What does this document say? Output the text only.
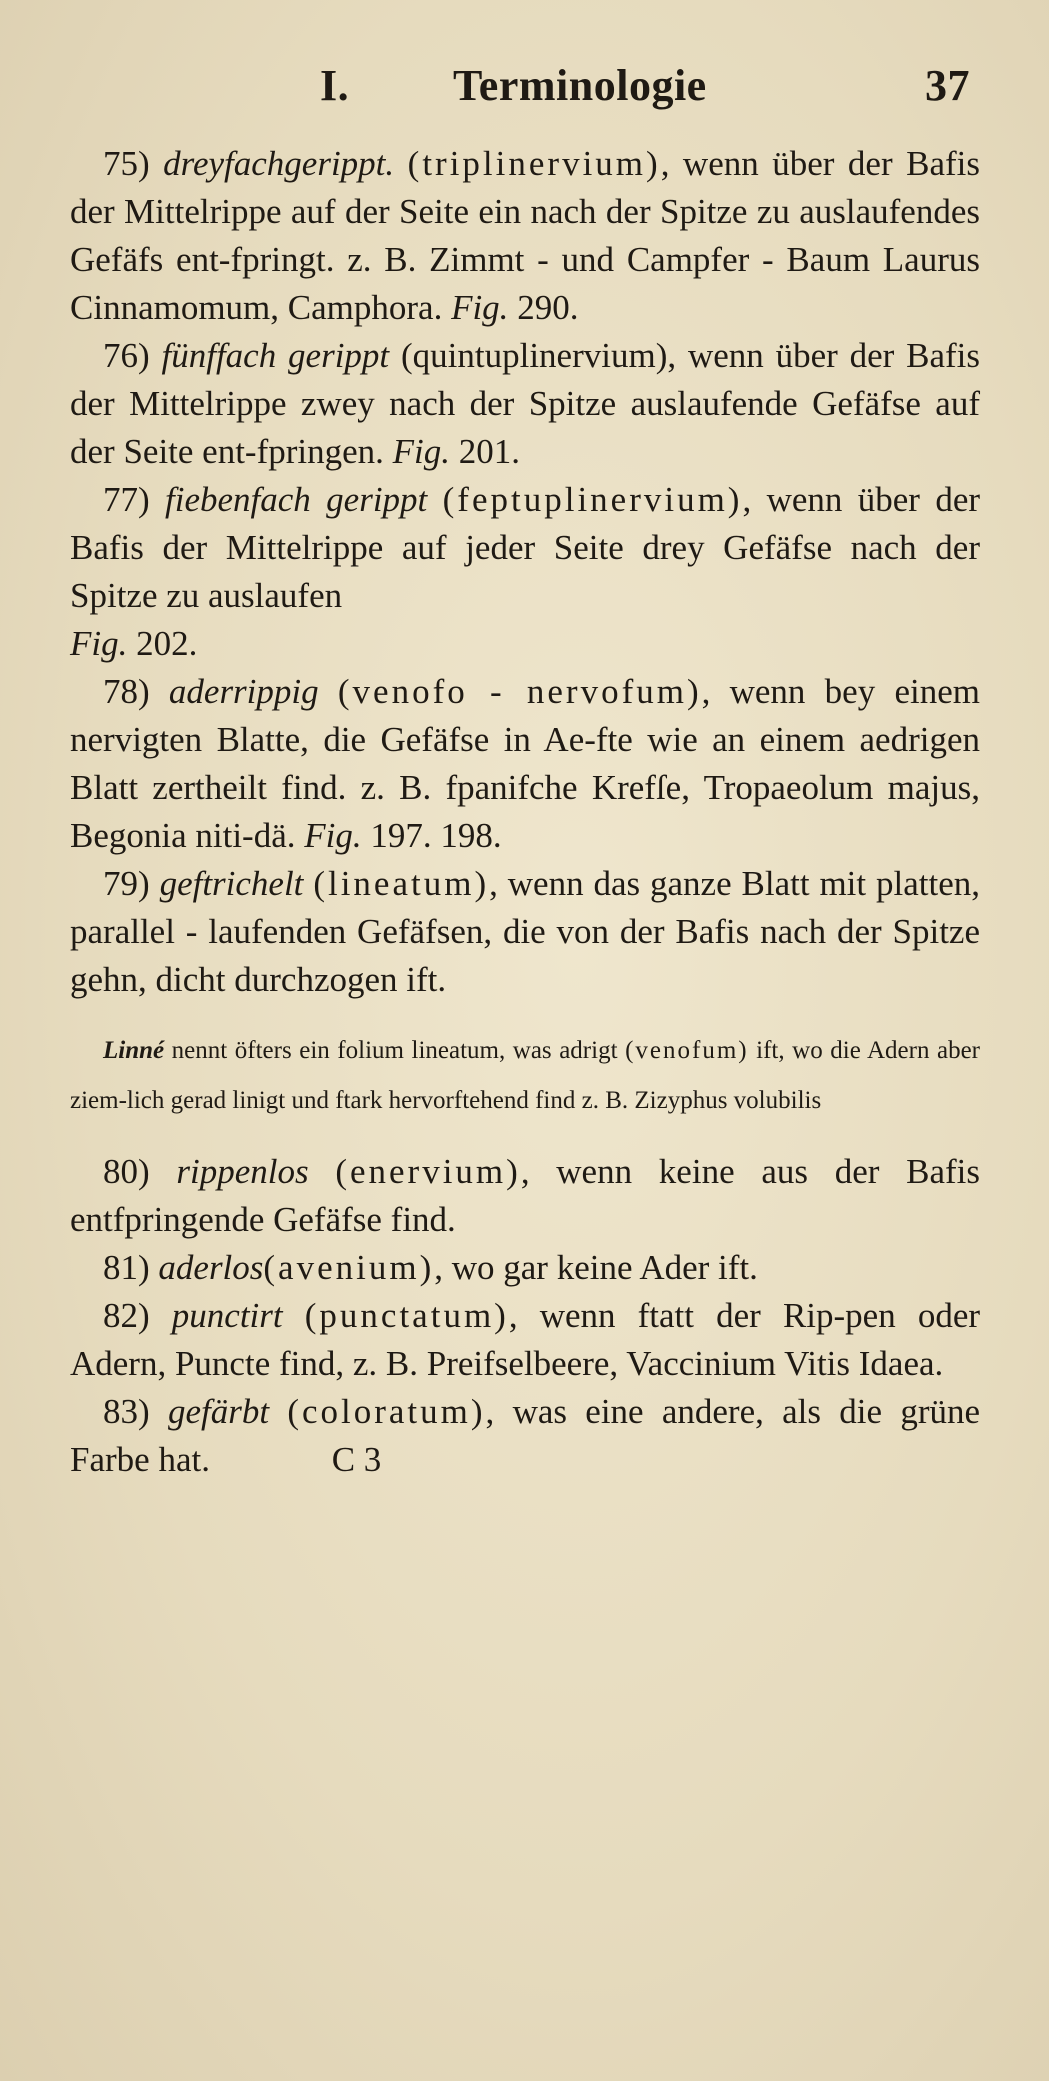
I. Terminologie	37

75) dreyfachgerippt. (triplinervium), wenn über der Bafis der Mittelrippe auf der Seite ein nach der Spitze zu auslaufendes Gefäfs ent-fpringt. z. B. Zimmt - und Campfer - Baum Laurus Cinnamomum, Camphora. Fig. 290.

76) fünffach gerippt (quintuplinervium), wenn über der Bafis der Mittelrippe zwey nach der Spitze auslaufende Gefäfse auf der Seite ent-fpringen. Fig. 201.

77) fiebenfach gerippt (feptuplinervium), wenn über der Bafis der Mittelrippe auf jeder Seite drey Gefäfse nach der Spitze zu auslaufen
Fig. 202.

78) aderrippig (venofo - nervofum), wenn bey einem nervigten Blatte, die Gefäfse in Ae-fte wie an einem aedrigen Blatt zertheilt find. z. B. fpanifche Krefſe, Tropaeolum majus, Begonia niti-dä. Fig. 197. 198.

79) geftrichelt (lineatum), wenn das ganze Blatt mit platten, parallel - laufenden Gefäfsen, die von der Bafis nach der Spitze gehn, dicht durchzogen ift.

Linné nennt öfters ein folium lineatum, was adrigt (venofum) ift, wo die Adern aber ziem-lich gerad linigt und ftark hervorftehend find z. B. Zizyphus volubilis

80) rippenlos (enervium), wenn keine aus der Bafis entfpringende Gefäfse find.

81) aderlos(avenium), wo gar keine Ader ift.

82) punctirt (punctatum), wenn ftatt der Rip-pen oder Adern, Puncte find, z. B. Preifselbeere, Vaccinium Vitis Idaea.

83) gefärbt (coloratum), was eine andere, als die grüne Farbe hat.	C 3
